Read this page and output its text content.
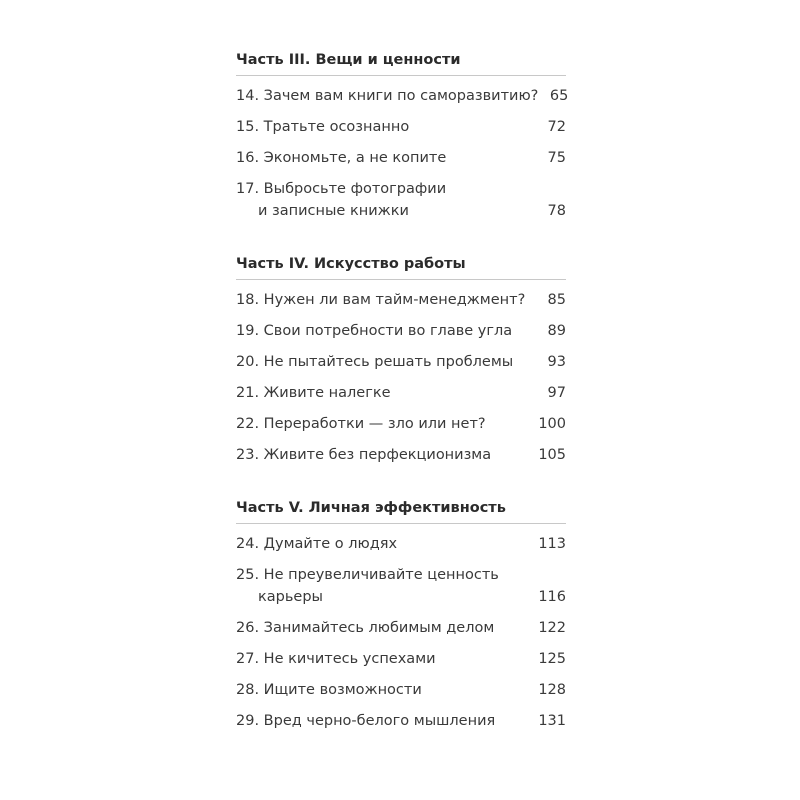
Часть III. Вещи и ценности
14. Зачем вам книги по саморазвитию? 65
15. Тратьте осознанно	72
16. Экономьте, а не копите	75
17. Выбросьте фотографии
и записные книжки	78
Часть IV. Искусство работы
18. Нужен ли вам тайм-менеджмент?	85
19. Свои потребности во главе угла	89
20. Не пытайтесь решать проблемы	93
21. Живите налегке	97
22. Переработки — зло или нет?	100
23. Живите без перфекционизма	105
Часть V. Личная эффективность
24. Думайте о людях	113
25. Не преувеличивайте ценность
карьеры	116
26. Занимайтесь любимым делом	122
27. Не кичитесь успехами	125
28. Ищите возможности	128
29. Вред черно-белого мышления	131
